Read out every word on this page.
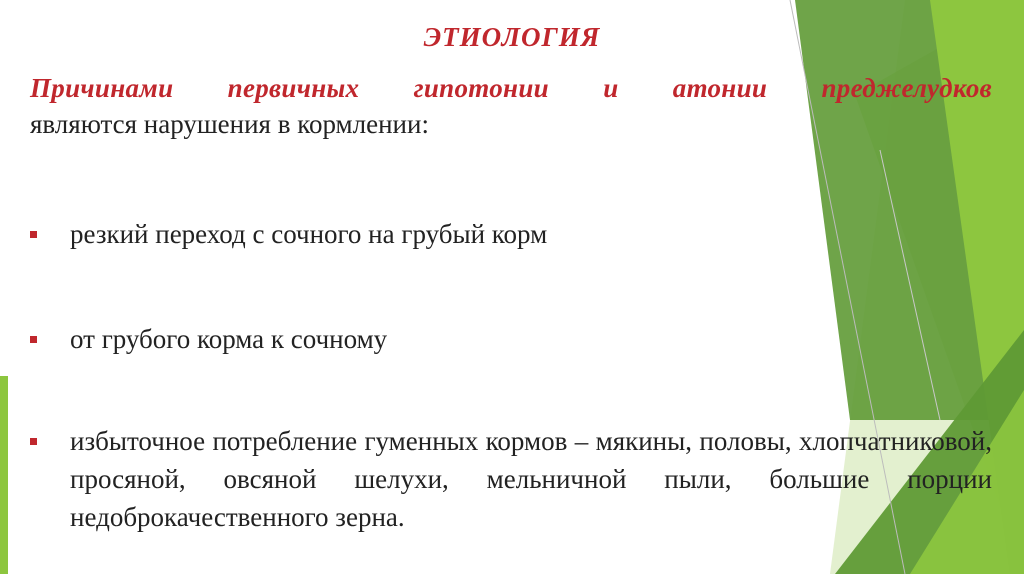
ЭТИОЛОГИЯ
Причинами первичных гипотонии и атонии преджелудков
являются нарушения в кормлении:
резкий переход с сочного на грубый корм
от грубого корма к сочному
избыточное потребление гуменных кормов – мякины, половы, хлопчатниковой, просяной, овсяной шелухи, мельничной пыли, большие порции недоброкачественного зерна.
